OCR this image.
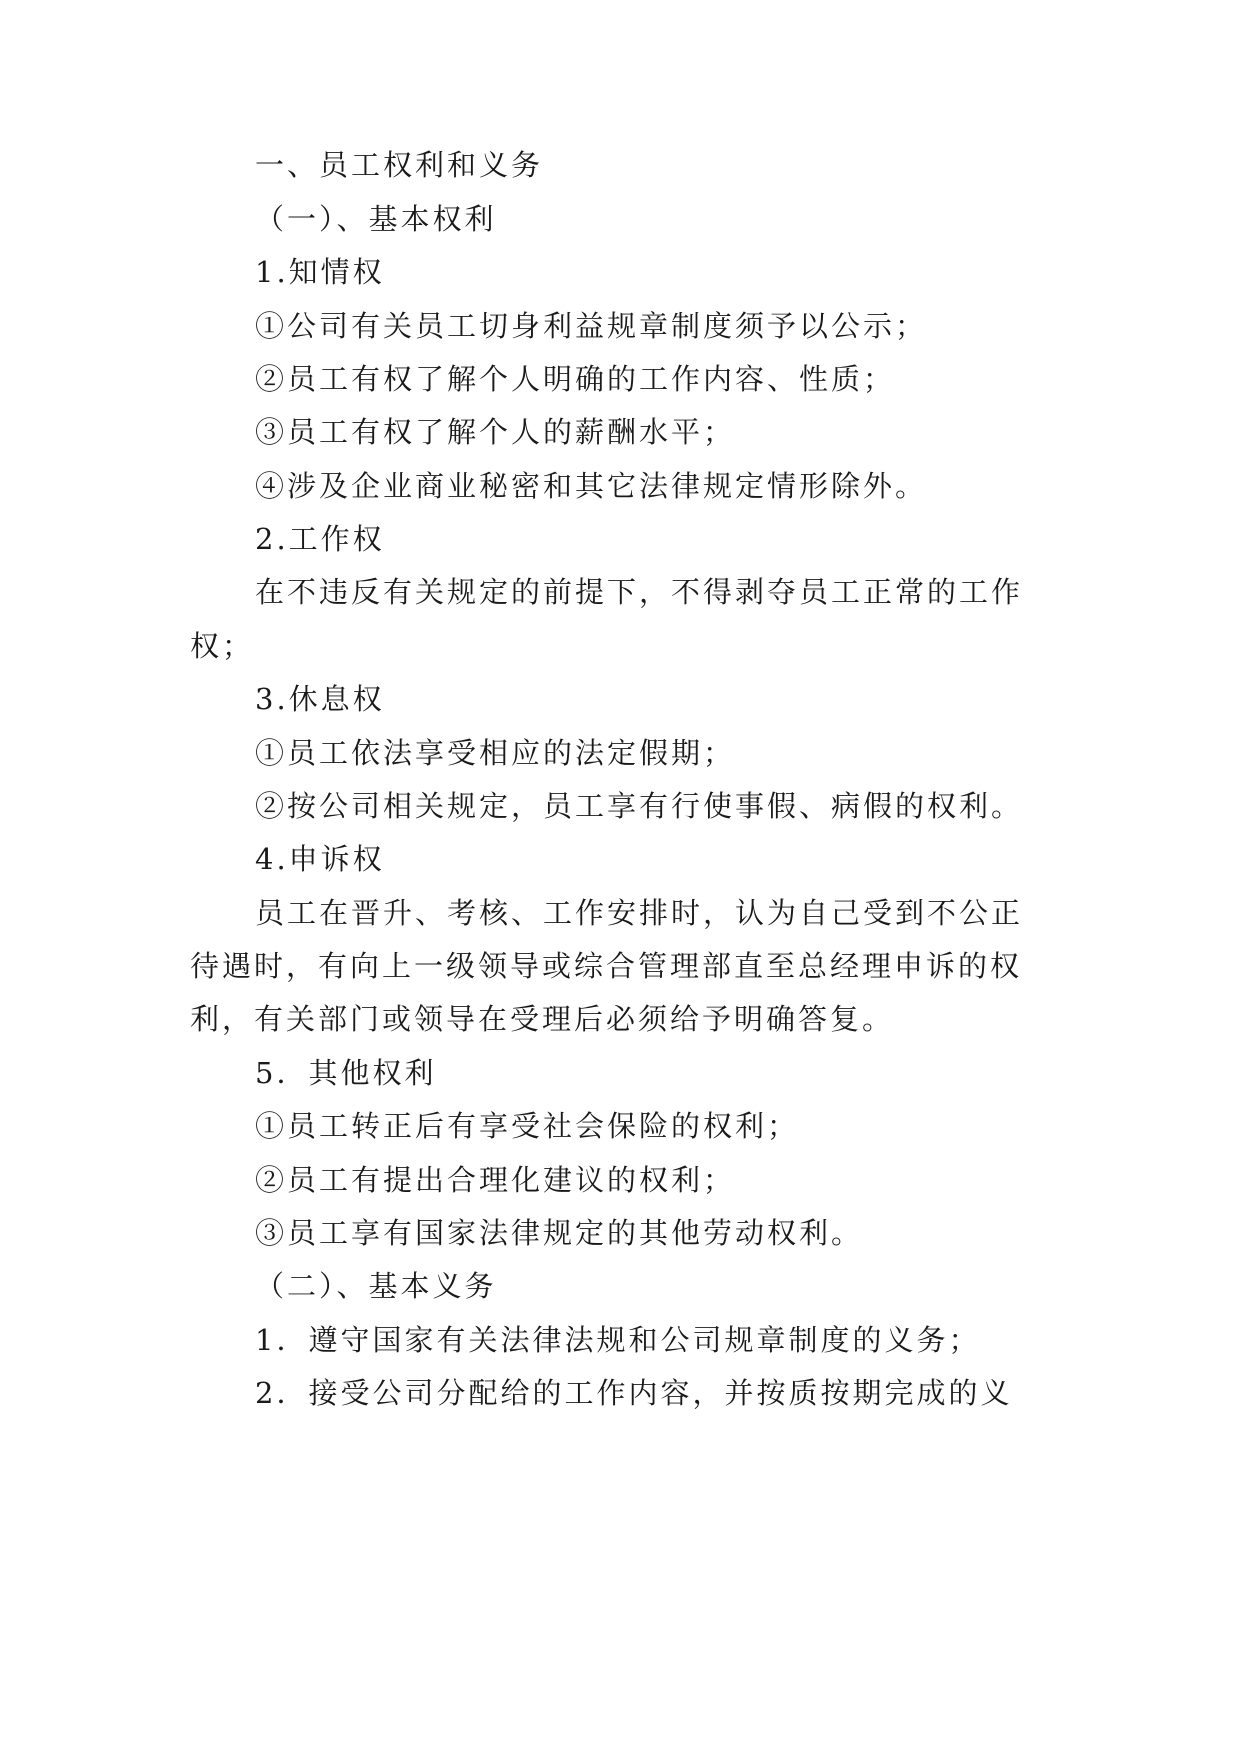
一、员工权利和义务
（一）、基本权利
1.知情权
①公司有关员工切身利益规章制度须予以公示；
②员工有权了解个人明确的工作内容、性质；
③员工有权了解个人的薪酬水平；
④涉及企业商业秘密和其它法律规定情形除外。
2.工作权
在不违反有关规定的前提下，不得剥夺员工正常的工作
权；
3.休息权
①员工依法享受相应的法定假期；
②按公司相关规定，员工享有行使事假、病假的权利。
4.申诉权
员工在晋升、考核、工作安排时，认为自己受到不公正
待遇时，有向上一级领导或综合管理部直至总经理申诉的权
利，有关部门或领导在受理后必须给予明确答复。
5．其他权利
①员工转正后有享受社会保险的权利；
②员工有提出合理化建议的权利；
③员工享有国家法律规定的其他劳动权利。
（二）、基本义务
1．遵守国家有关法律法规和公司规章制度的义务；
2．接受公司分配给的工作内容，并按质按期完成的义
